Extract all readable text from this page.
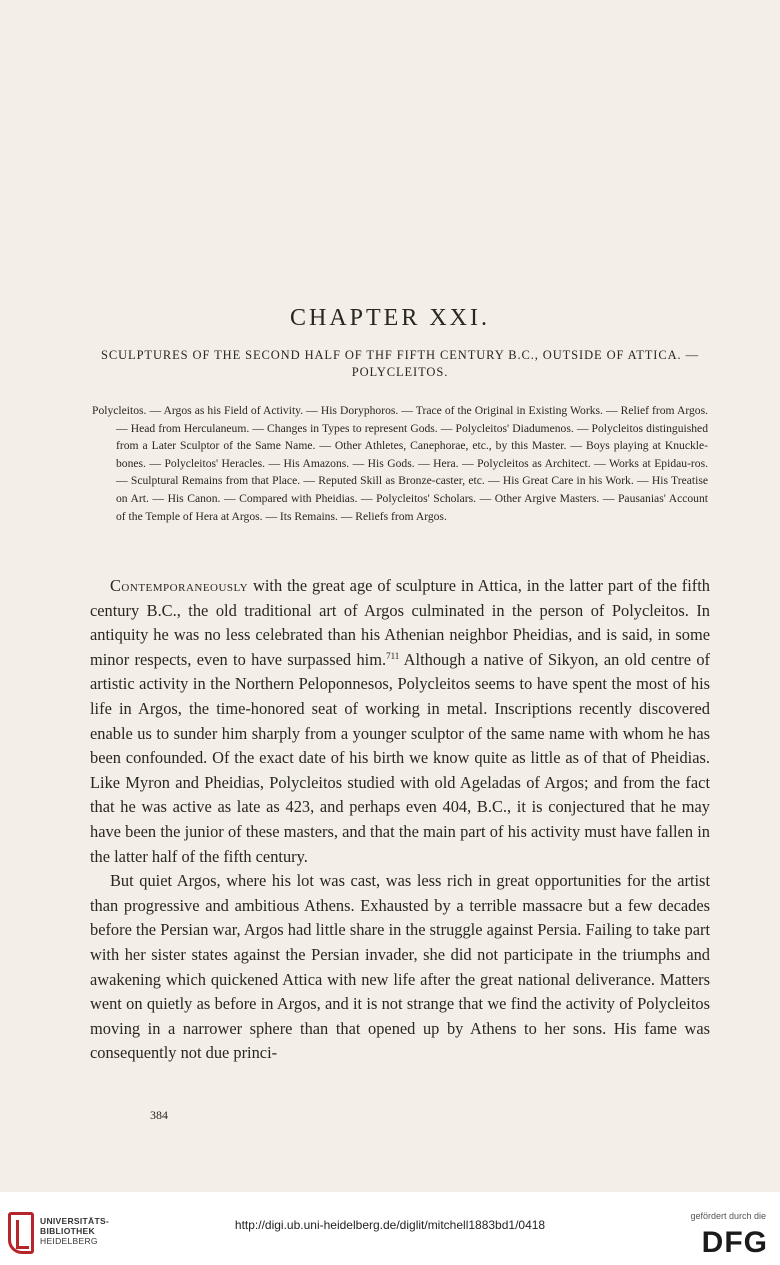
CHAPTER XXI.
SCULPTURES OF THE SECOND HALF OF THF FIFTH CENTURY B.C., OUTSIDE OF ATTICA. — POLYCLEITOS.
Polycleitos. — Argos as his Field of Activity. — His Doryphoros. — Trace of the Original in Existing Works. — Relief from Argos. — Head from Herculaneum. — Changes in Types to represent Gods. — Polycleitos' Diadumenos. — Polycleitos distinguished from a Later Sculptor of the Same Name. — Other Athletes, Canephorae, etc., by this Master. — Boys playing at Knuckle-bones. — Polycleitos' Heracles. — His Amazons. — His Gods. — Hera. — Polycleitos as Architect. — Works at Epidau-ros. — Sculptural Remains from that Place. — Reputed Skill as Bronze-caster, etc. — His Great Care in his Work. — His Treatise on Art. — His Canon. — Compared with Pheidias. — Polycleitos' Scholars. — Other Argive Masters. — Pausanias' Account of the Temple of Hera at Argos. — Its Remains. — Reliefs from Argos.

Contemporaneously with the great age of sculpture in Attica, in the latter part of the fifth century B.C., the old traditional art of Argos culminated in the person of Polycleitos. In antiquity he was no less celebrated than his Athenian neighbor Pheidias, and is said, in some minor respects, even to have surpassed him.$^{711}$ Although a native of Sikyon, an old centre of artistic activity in the Northern Peloponnesos, Polycleitos seems to have spent the most of his life in Argos, the time-honored seat of working in metal. Inscriptions recently discovered enable us to sunder him sharply from a younger sculptor of the same name with whom he has been confounded. Of the exact date of his birth we know quite as little as of that of Pheidias. Like Myron and Pheidias, Polycleitos studied with old Ageladas of Argos; and from the fact that he was active as late as 423, and perhaps even 404, B.C., it is conjectured that he may have been the junior of these masters, and that the main part of his activity must have fallen in the latter half of the fifth century.

But quiet Argos, where his lot was cast, was less rich in great opportunities for the artist than progressive and ambitious Athens. Exhausted by a terrible massacre but a few decades before the Persian war, Argos had little share in the struggle against Persia. Failing to take part with her sister states against the Persian invader, she did not participate in the triumphs and awakening which quickened Attica with new life after the great national deliverance. Matters went on quietly as before in Argos, and it is not strange that we find the activity of Polycleitos moving in a narrower sphere than that opened up by Athens to her sons. His fame was consequently not due princi-

384
UNIVERSITÄTS-
BIBLIOTHEK
HEIDELBERG
http://digi.ub.uni-heidelberg.de/diglit/mitchell1883bd1/0418
gefördert durch die
DFG
